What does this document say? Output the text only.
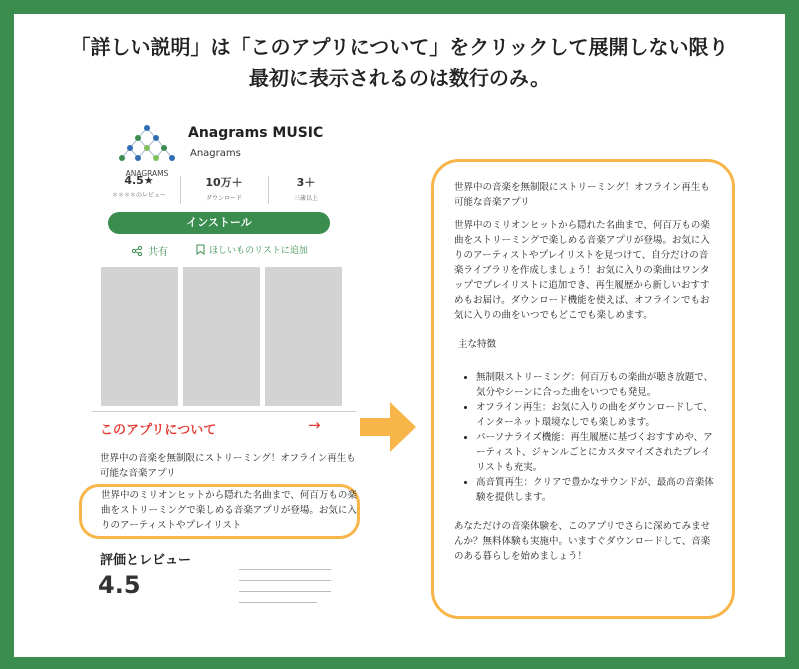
「詳しい説明」は「このアプリについて」をクリックして展開しない限り
最初に表示されるのは数行のみ。
ANAGRAMS
Anagrams MUSIC
Anagrams
4.5★
＊＊＊＊のレビュー
10万＋
ダウンロード
3＋
三歳以上
インストール
共有	ほしいものリストに追加
このアプリについて	→
世界中の音楽を無制限にストリーミング！オフライン再生も可能な音楽アプリ
世界中のミリオンヒットから隠れた名曲まで、何百万もの楽曲をストリーミングで楽しめる音楽アプリが登場。お気に入りのアーティストやプレイリスト
評価とレビュー
4.5

世界中の音楽を無制限にストリーミング！オフライン再生も可能な音楽アプリ

世界中のミリオンヒットから隠れた名曲まで、何百万もの楽曲をストリーミングで楽しめる音楽アプリが登場。お気に入りのアーティストやプレイリストを見つけて、自分だけの音楽ライブラリを作成しましょう！お気に入りの楽曲はワンタップでプレイリストに追加でき、再生履歴から新しいおすすめもお届け。ダウンロード機能を使えば、オフラインでもお気に入りの曲をいつでもどこでも楽しめます。

主な特徴

• 無制限ストリーミング：何百万もの楽曲が聴き放題で、気分やシーンに合った曲をいつでも発見。
• オフライン再生：お気に入りの曲をダウンロードして、インターネット環境なしでも楽しめます。
• パーソナライズ機能：再生履歴に基づくおすすめや、アーティスト、ジャンルごとにカスタマイズされたプレイリストも充実。
• 高音質再生：クリアで豊かなサウンドが、最高の音楽体験を提供します。

あなただけの音楽体験を、このアプリでさらに深めてみませんか？無料体験も実施中。いますぐダウンロードして、音楽のある暮らしを始めましょう！
